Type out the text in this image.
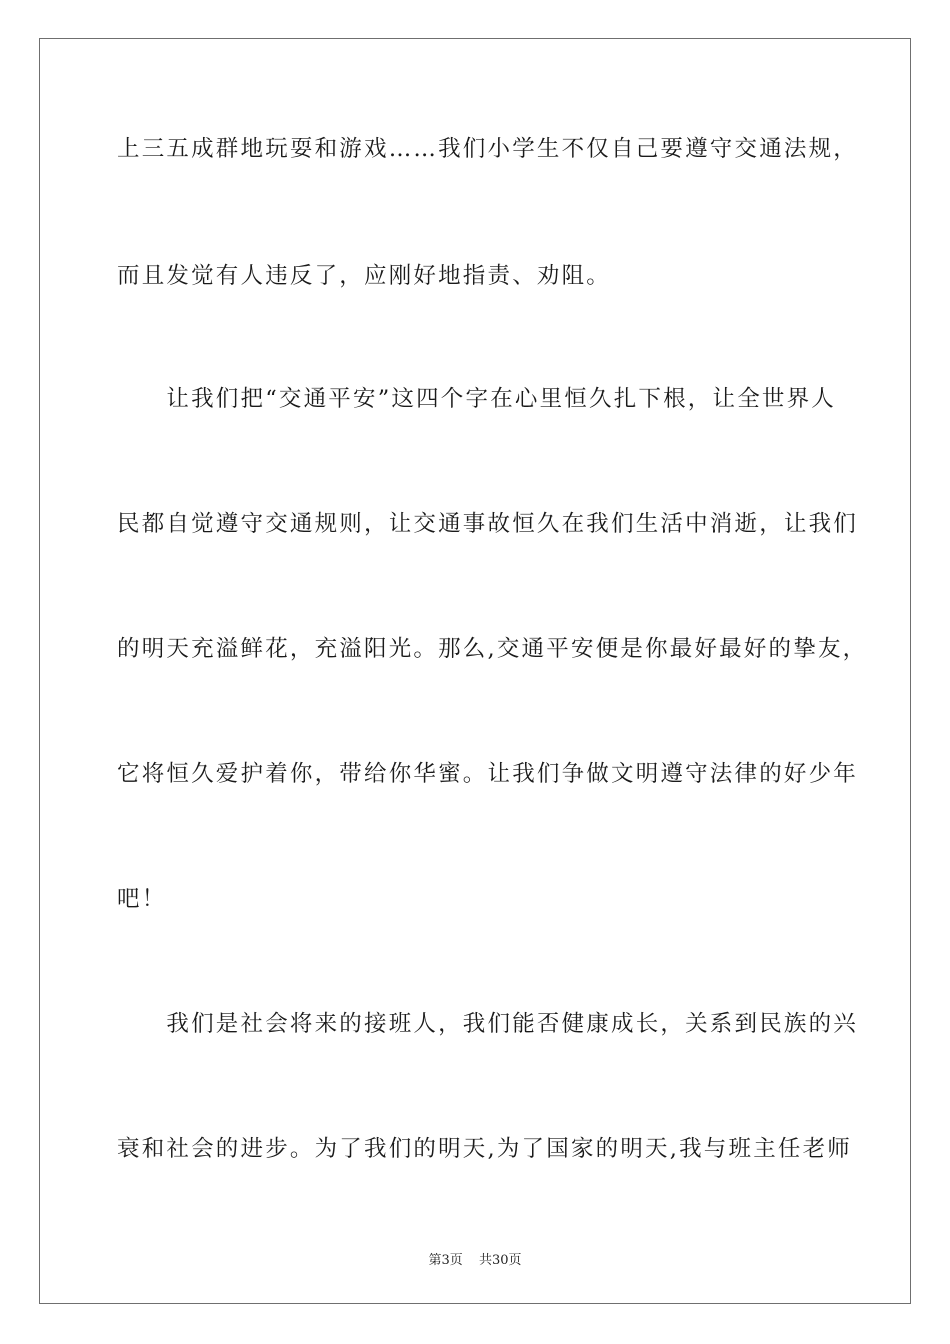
上三五成群地玩耍和游戏……我们小学生不仅自己要遵守交通法规，
而且发觉有人违反了，应刚好地指责、劝阻。
　　让我们把“交通平安”这四个字在心里恒久扎下根，让全世界人
民都自觉遵守交通规则，让交通事故恒久在我们生活中消逝，让我们
的明天充溢鲜花，充溢阳光。那么,交通平安便是你最好最好的挚友，
它将恒久爱护着你，带给你华蜜。让我们争做文明遵守法律的好少年
吧！
　　我们是社会将来的接班人，我们能否健康成长，关系到民族的兴
衰和社会的进步。为了我们的明天,为了国家的明天,我与班主任老师
第3页 共30页
